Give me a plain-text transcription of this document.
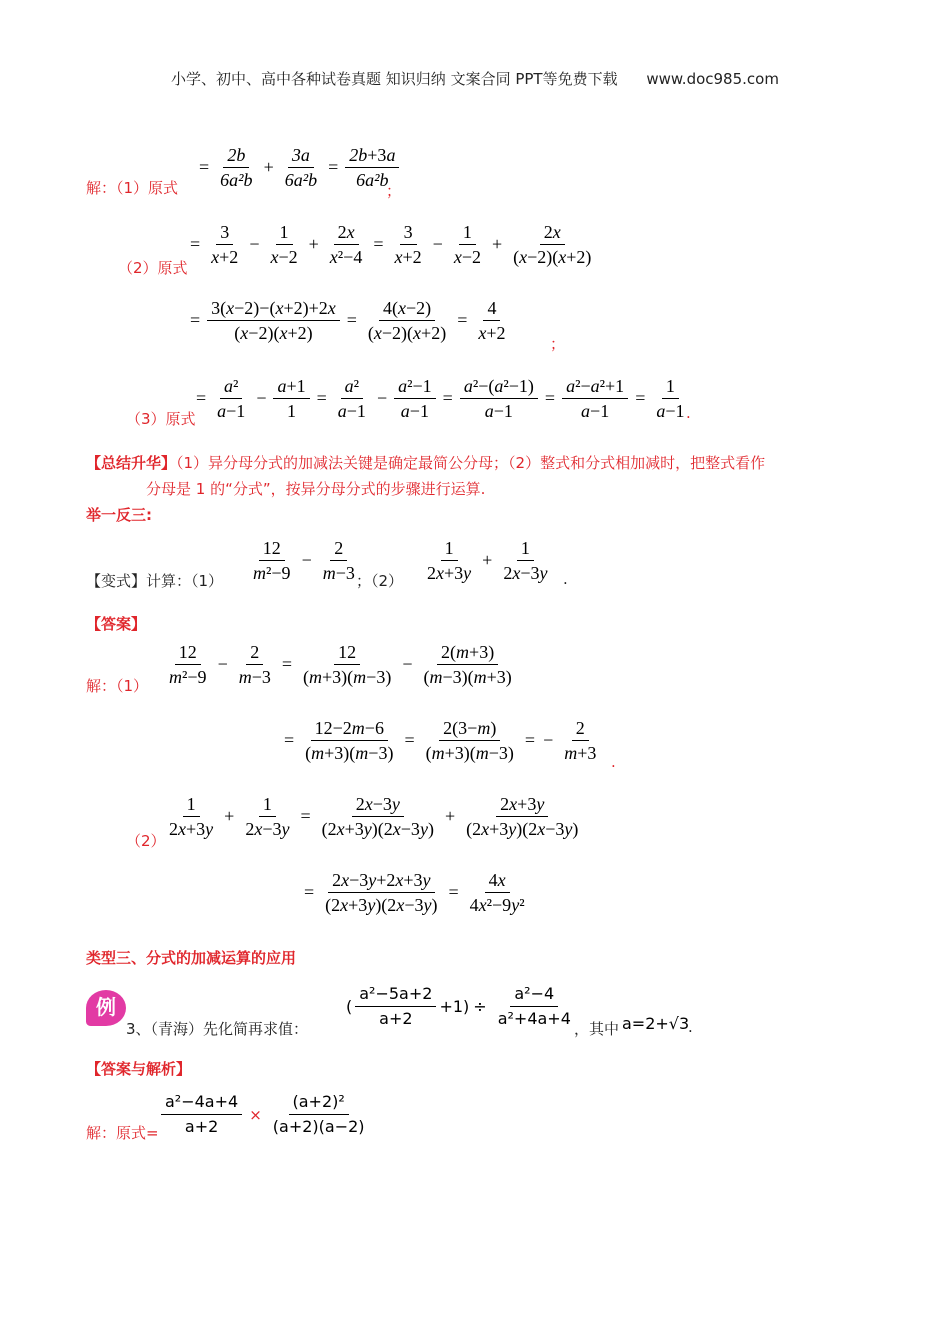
小学、初中、高中各种试卷真题 知识归纳 文案合同 PPT等免费下载 www.doc985.com
解：（1）原式
= $\frac{2b}{\text{6a²b}} + \frac{3a}{\text{6a²b}} = \frac{2b+3a}{\text{6a²b}}$
；
（2）原式
= $\frac{3}{x+2} - \frac{1}{x-2} + \frac{2x}{\text{x²−4}} = \frac{3}{x+2} - \frac{1}{x-2} + \frac{2x}{(x-2)(x+2)}$
= $\frac{3(x-2)-(x+2)+2x}{(x-2)(x+2)} = \frac{4(x-2)}{(x-2)(x+2)} = \frac{4}{x+2}$	；
（3）原式
= $\frac{\text{a²}}{a-1} - \frac{a+1}{1} = \frac{\text{a²}}{a-1} - \frac{\text{a²−1}}{a-1} = \frac{\text{a²−(a²−1)}}{a-1} = \frac{\text{a²−a²+1}}{a-1} = \frac{1}{a-1}$
.
【总结升华】（1）异分母分式的加减法关键是确定最简公分母；（2）整式和分式相加减时，把整式看作
分母是 1 的“分式”，按异分母分式的步骤进行运算.
举一反三:
【变式】计算：$(1) \frac{12}{\text{m²−9}} - \frac{2}{m-3}$
；$(2) \frac{1}{2x+3y} + \frac{1}{2x-3y}$ .
【答案】
解：$(1) \frac{12}{\text{m²−9}} - \frac{2}{m-3} = \frac{12}{(m+3)(m-3)} - \frac{2(m+3)}{(m-3)(m+3)}$
= $\frac{12-2m-6}{(m+3)(m-3)} = \frac{2(3-m)}{(m+3)(m-3)}$ = − $\frac{2}{m+3}$ .
$(2) \frac{1}{2x+3y} + \frac{1}{2x-3y} = \frac{2x-3y}{(2x+3y)(2x-3y)} + \frac{2x+3y}{(2x+3y)(2x-3y)}$
= $\frac{2x-3y+2x+3y}{(2x+3y)(2x-3y)} = \frac{4x}{\text{4x²−9y²}}$
类型三、分式的加减运算的应用
例
3、（青海）先化简再求值：
( $\frac{\text{a²−5a+2}}{a+2} +1) \div \frac{\text{a²−4}}{\text{a²+4a+4}}$ ，其中 a=2+√3
.
【答案与解析】
解：原式= $\frac{\text{a²−4a+4}}{a+2} \times \frac{\text{(a+2)²}}{(a+2)(a-2)}$
